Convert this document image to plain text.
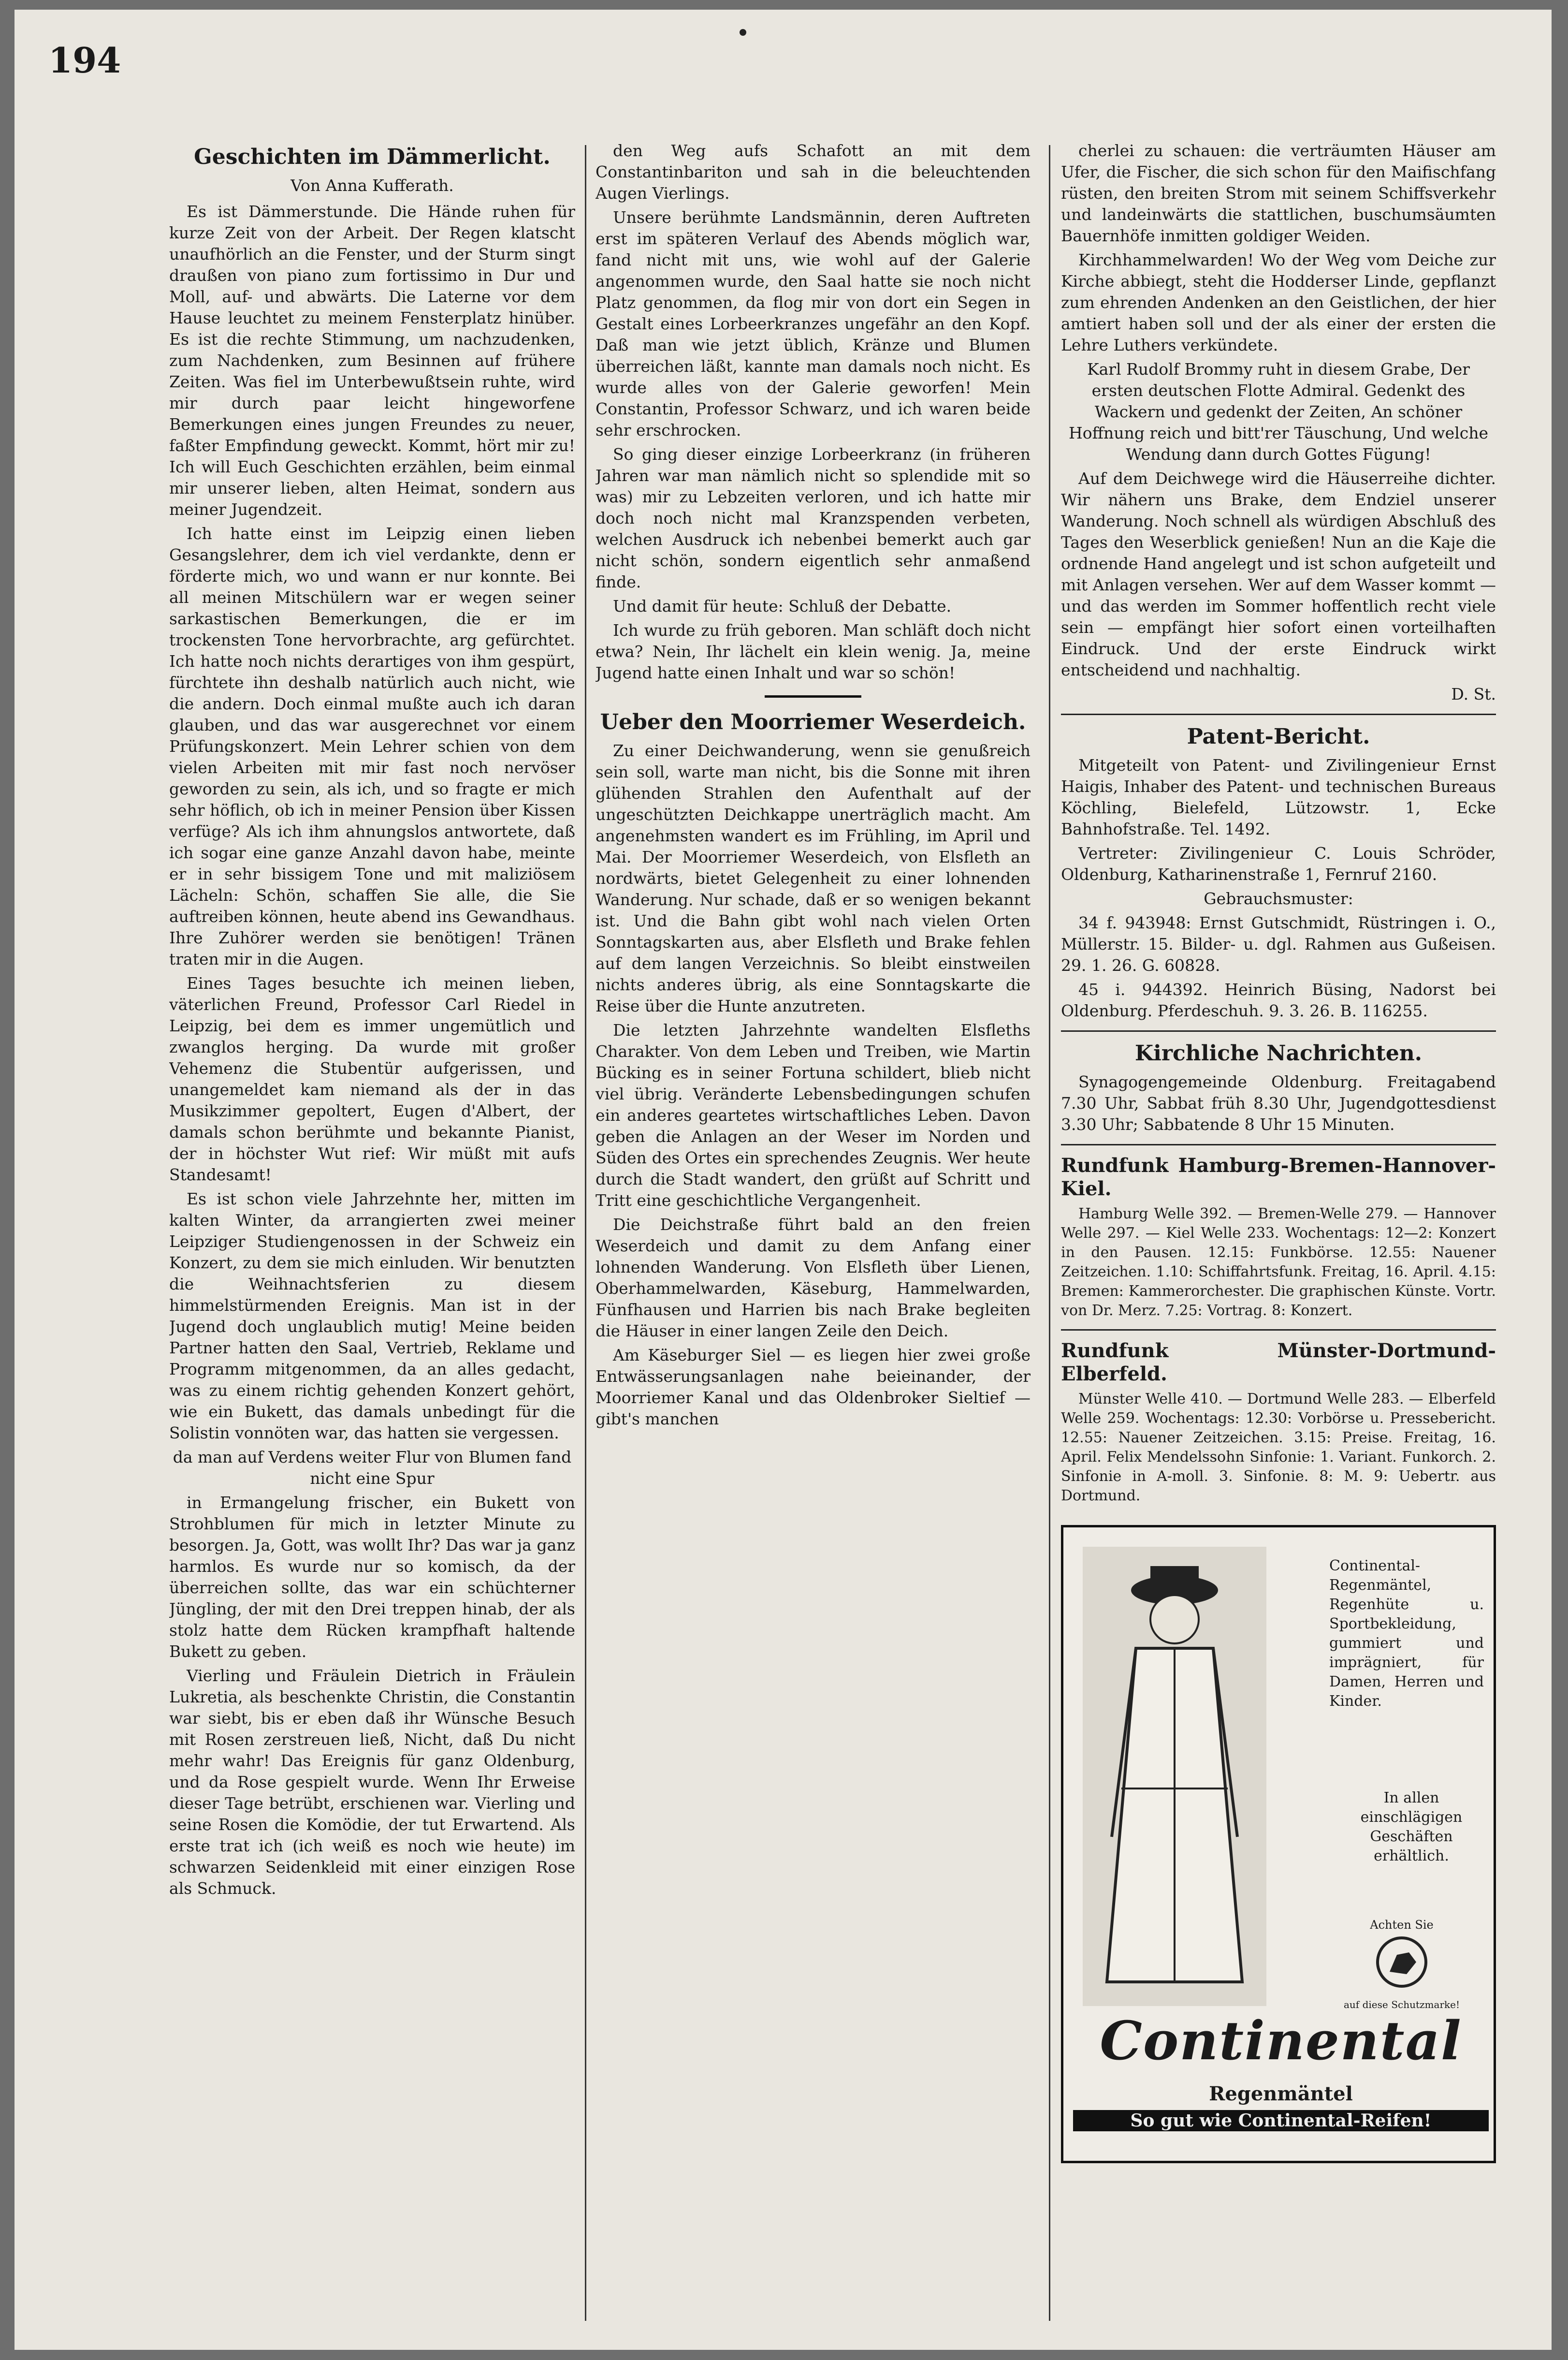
194
Geschichten im Dämmerlicht.
Von Anna Kufferath.

Es ist Dämmerstunde. Die Hände ruhen für kurze Zeit von der Arbeit. Der Regen klatscht unaufhörlich an die Fenster, und der Sturm singt draußen von piano zum fortissimo in Dur und Moll, auf- und abwärts. Die Laterne vor dem Hause leuchtet zu meinem Fensterplatz hinüber. Es ist die rechte Stimmung, um nachzudenken, zum Nachdenken, zum Besinnen auf frühere Zeiten. Was fiel im Unterbewußtsein ruhte, wird mir durch paar leicht hingeworfene Bemerkungen eines jungen Freundes zu neuer, faßter Empfindung geweckt. Kommt, hört mir zu! Ich will Euch Geschichten erzählen, beim einmal mir unserer lieben, alten Heimat, sondern aus meiner Jugendzeit.

Ich hatte einst im Leipzig einen lieben Gesangslehrer, dem ich viel verdankte, denn er förderte mich, wo und wann er nur konnte. Bei all meinen Mitschülern war er wegen seiner sarkastischen Bemerkungen, die er im trockensten Tone hervorbrachte, arg gefürchtet. Ich hatte noch nichts derartiges von ihm gespürt, fürchtete ihn deshalb natürlich auch nicht, wie die andern. Doch einmal mußte auch ich daran glauben, und das war ausgerechnet vor einem Prüfungskonzert. Mein Lehrer schien von dem vielen Arbeiten mit mir fast noch nervöser geworden zu sein, als ich, und so fragte er mich sehr höflich, ob ich in meiner Pension über Kissen verfüge? Als ich ihm ahnungslos antwortete, daß ich sogar eine ganze Anzahl davon habe, meinte er in sehr bissigem Tone und mit maliziösem Lächeln: Schön, schaffen Sie alle, die Sie auftreiben können, heute abend ins Gewandhaus. Ihre Zuhörer werden sie benötigen! Tränen traten mir in die Augen.

Eines Tages besuchte ich meinen lieben, väterlichen Freund, Professor Carl Riedel in Leipzig, bei dem es immer ungemütlich und zwanglos herging. Da wurde mit großer Vehemenz die Stubentür aufgerissen, und unangemeldet kam niemand als der in das Musikzimmer gepoltert, Eugen d'Albert, der damals schon berühmte und bekannte Pianist, der in höchster Wut rief: Wir müßt mit aufs Standesamt!

Es ist schon viele Jahrzehnte her, mitten im kalten Winter, da arrangierten zwei meiner Leipziger Studiengenossen in der Schweiz ein Konzert, zu dem sie mich einluden. Wir benutzten die Weihnachtsferien zu diesem himmelstürmenden Ereignis. Man ist in der Jugend doch unglaublich mutig! Meine beiden Partner hatten den Saal, Vertrieb, Reklame und Programm mitgenommen, da an alles gedacht, was zu einem richtig gehenden Konzert gehört, wie ein Bukett, das damals unbedingt für die Solistin vonnöten war, das hatten sie vergessen.

da man auf Verdens weiter Flur von Blumen fand nicht eine Spur

in Ermangelung frischer, ein Bukett von Strohblumen für mich in letzter Minute zu besorgen. Ja, Gott, was wollt Ihr? Das war ja ganz harmlos. Es wurde nur so komisch, da der überreichen sollte, das war ein schüchterner Jüngling, der mit den Drei treppen hinab, der als stolz hatte dem Rücken krampfhaft haltende Bukett zu geben.

Vierling und Fräulein Dietrich in Fräulein Lukretia, als beschenkte Christin, die Constantin war siebt, bis er eben daß ihr Wünsche Besuch mit Rosen zerstreuen ließ, Nicht, daß Du nicht mehr wahr! Das Ereignis für ganz Oldenburg, und da Rose gespielt wurde. Wenn Ihr Erweise dieser Tage betrübt, erschienen war. Vierling und seine Rosen die Komödie, der tut Erwartend. Als erste trat ich (ich weiß es noch wie heute) im schwarzen Seidenkleid mit einer einzigen Rose als Schmuck.

den Weg aufs Schafott an mit dem Constantinbariton und sah in die beleuchtenden Augen Vierlings.

Unsere berühmte Landsmännin, deren Auftreten erst im späteren Verlauf des Abends möglich war, fand nicht mit uns, wie wohl auf der Galerie angenommen wurde, den Saal hatte sie noch nicht Platz genommen, da flog mir von dort ein Segen in Gestalt eines Lorbeerkranzes ungefähr an den Kopf. Daß man wie jetzt üblich, Kränze und Blumen überreichen läßt, kannte man damals noch nicht. Es wurde alles von der Galerie geworfen! Mein Constantin, Professor Schwarz, und ich waren beide sehr erschrocken.

So ging dieser einzige Lorbeerkranz (in früheren Jahren war man nämlich nicht so splendide mit so was) mir zu Lebzeiten verloren, und ich hatte mir doch noch nicht mal Kranzspenden verbeten, welchen Ausdruck ich nebenbei bemerkt auch gar nicht schön, sondern eigentlich sehr anmaßend finde.

Und damit für heute: Schluß der Debatte.

Ich wurde zu früh geboren. Man schläft doch nicht etwa? Nein, Ihr lächelt ein klein wenig. Ja, meine Jugend hatte einen Inhalt und war so schön!

Ueber den Moorriemer Weserdeich.

Zu einer Deichwanderung, wenn sie genußreich sein soll, warte man nicht, bis die Sonne mit ihren glühenden Strahlen den Aufenthalt auf der ungeschützten Deichkappe unerträglich macht. Am angenehmsten wandert es im Frühling, im April und Mai. Der Moorriemer Weserdeich, von Elsfleth an nordwärts, bietet Gelegenheit zu einer lohnenden Wanderung. Nur schade, daß er so wenigen bekannt ist. Und die Bahn gibt wohl nach vielen Orten Sonntagskarten aus, aber Elsfleth und Brake fehlen auf dem langen Verzeichnis. So bleibt einstweilen nichts anderes übrig, als eine Sonntagskarte die Reise über die Hunte anzutreten.

Die letzten Jahrzehnte wandelten Elsfleths Charakter. Von dem Leben und Treiben, wie Martin Bücking es in seiner Fortuna schildert, blieb nicht viel übrig. Veränderte Lebensbedingungen schufen ein anderes geartetes wirtschaftliches Leben. Davon geben die Anlagen an der Weser im Norden und Süden des Ortes ein sprechendes Zeugnis. Wer heute durch die Stadt wandert, den grüßt auf Schritt und Tritt eine geschichtliche Vergangenheit.

Die Deichstraße führt bald an den freien Weserdeich und damit zu dem Anfang einer lohnenden Wanderung. Von Elsfleth über Lienen, Oberhammelwarden, Käseburg, Hammelwarden, Fünfhausen und Harrien bis nach Brake begleiten die Häuser in einer langen Zeile den Deich.

Am Käseburger Siel — es liegen hier zwei große Entwässerungsanlagen nahe beieinander, der Moorriemer Kanal und das Oldenbroker Sieltief — gibt's manchen

cherlei zu schauen: die verträumten Häuser am Ufer, die Fischer, die sich schon für den Maifischfang rüsten, den breiten Strom mit seinem Schiffsverkehr und landeinwärts die stattlichen, buschumsäumten Bauernhöfe inmitten goldiger Weiden.

Kirchhammelwarden! Wo der Weg vom Deiche zur Kirche abbiegt, steht die Hodderser Linde, gepflanzt zum ehrenden Andenken an den Geistlichen, der hier amtiert haben soll und der als einer der ersten die Lehre Luthers verkündete.

Karl Rudolf Brommy ruht in diesem Grabe, Der ersten deutschen Flotte Admiral. Gedenkt des Wackern und gedenkt der Zeiten, An schöner Hoffnung reich und bitt'rer Täuschung, Und welche Wendung dann durch Gottes Fügung!

Auf dem Deichwege wird die Häuserreihe dichter. Wir nähern uns Brake, dem Endziel unserer Wanderung. Noch schnell als würdigen Abschluß des Tages den Weserblick genießen! Nun an die Kaje die ordnende Hand angelegt und ist schon aufgeteilt und mit Anlagen versehen. Wer auf dem Wasser kommt — und das werden im Sommer hoffentlich recht viele sein — empfängt hier sofort einen vorteilhaften Eindruck. Und der erste Eindruck wirkt entscheidend und nachhaltig.

D. St.

Patent-Bericht.

Mitgeteilt von Patent- und Zivilingenieur Ernst Haigis, Inhaber des Patent- und technischen Bureaus Köchling, Bielefeld, Lützowstr. 1, Ecke Bahnhofstraße. Tel. 1492.

Vertreter: Zivilingenieur C. Louis Schröder, Oldenburg, Katharinenstraße 1, Fernruf 2160.

Gebrauchsmuster:

34 f. 943948: Ernst Gutschmidt, Rüstringen i. O., Müllerstr. 15. Bilder- u. dgl. Rahmen aus Gußeisen. 29. 1. 26. G. 60828.

45 i. 944392. Heinrich Büsing, Nadorst bei Oldenburg. Pferdeschuh. 9. 3. 26. B. 116255.

Kirchliche Nachrichten.

Synagogengemeinde Oldenburg. Freitagabend 7.30 Uhr, Sabbat früh 8.30 Uhr, Jugendgottesdienst 3.30 Uhr; Sabbatende 8 Uhr 15 Minuten.

Rundfunk Hamburg-Bremen-Hannover-Kiel.

Hamburg Welle 392. — Bremen-Welle 279. — Hannover Welle 297. — Kiel Welle 233. Wochentags: 12—2: Konzert in den Pausen. 12.15: Funkbörse. 12.55: Nauener Zeitzeichen. 1.10: Schiffahrtsfunk. Freitag, 16. April. 4.15: Bremen: Kammerorchester. Die graphischen Künste. Vortr. von Dr. Merz. 7.25: Vortrag. 8: Konzert.

Rundfunk Münster-Dortmund-Elberfeld.

Münster Welle 410. — Dortmund Welle 283. — Elberfeld Welle 259. Wochentags: 12.30: Vorbörse u. Pressebericht. 12.55: Nauener Zeitzeichen. 3.15: Preise. Freitag, 16. April. Felix Mendelssohn Sinfonie: 1. Variant. Funkorch. 2. Sinfonie in A-moll. 3. Sinfonie. 8: M. 9: Uebertr. aus Dortmund.

Continental-Regenmäntel, Regenhüte u. Sportbekleidung, gummiert und imprägniert, für Damen, Herren und Kinder.
In allen einschlägigen Geschäften erhältlich.
Achten Sie
auf diese Schutzmarke!
Continental
Regenmäntel
So gut wie Continental-Reifen!
